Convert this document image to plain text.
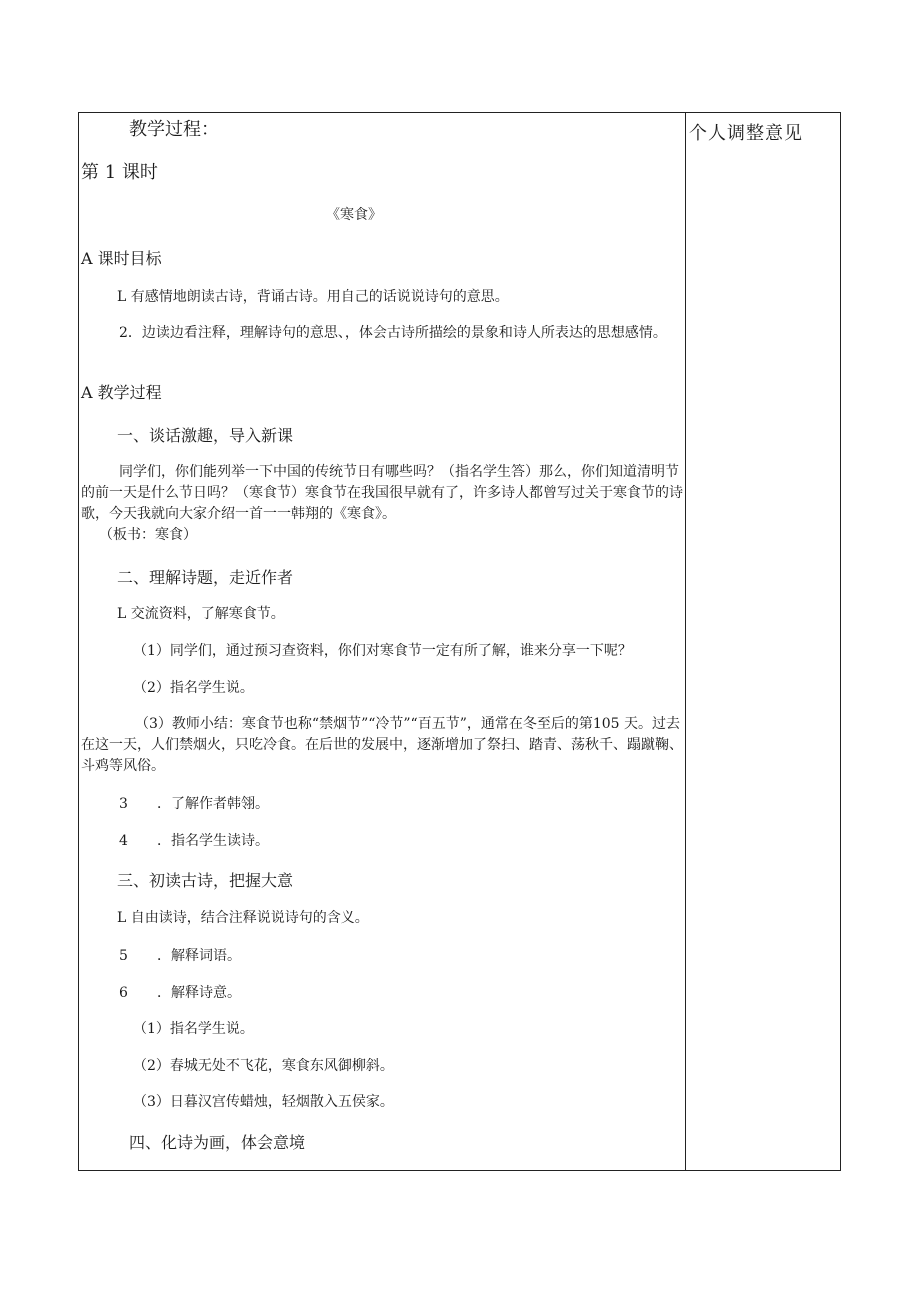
个人调整意见
教学过程：
第 1 课时
《寒食》
A 课时目标
L 有感情地朗读古诗，背诵古诗。用自己的话说说诗句的意思。
2．边读边看注释，理解诗句的意思、，体会古诗所描绘的景象和诗人所表达的思想感情。
A 教学过程
一、谈话激趣，导入新课
同学们，你们能列举一下中国的传统节日有哪些吗？（指名学生答）那么，你们知道清明节的前一天是什么节日吗？（寒食节）寒食节在我国很早就有了，许多诗人都曾写过关于寒食节的诗歌，今天我就向大家介绍一首一一韩翔的《寒食》。
（板书：寒食）
二、理解诗题，走近作者
L 交流资料，了解寒食节。
（1）同学们，通过预习查资料，你们对寒食节一定有所了解，谁来分享一下呢？
（2）指名学生说。
（3）教师小结：寒食节也称“禁烟节”“冷节”“百五节”，通常在冬至后的第105 天。过去在这一天，人们禁烟火，只吃冷食。在后世的发展中，逐渐增加了祭扫、踏青、荡秋千、蹋蹴鞠、斗鸡等风俗。
3 ．了解作者韩翎。
4 ．指名学生读诗。
三、初读古诗，把握大意
L 自由读诗，结合注释说说诗句的含义。
5 ．解释词语。
6 ．解释诗意。
（1）指名学生说。
（2）春城无处不飞花，寒食东风御柳斜。
（3）日暮汉宫传蜡烛，轻烟散入五侯家。
四、化诗为画，体会意境
